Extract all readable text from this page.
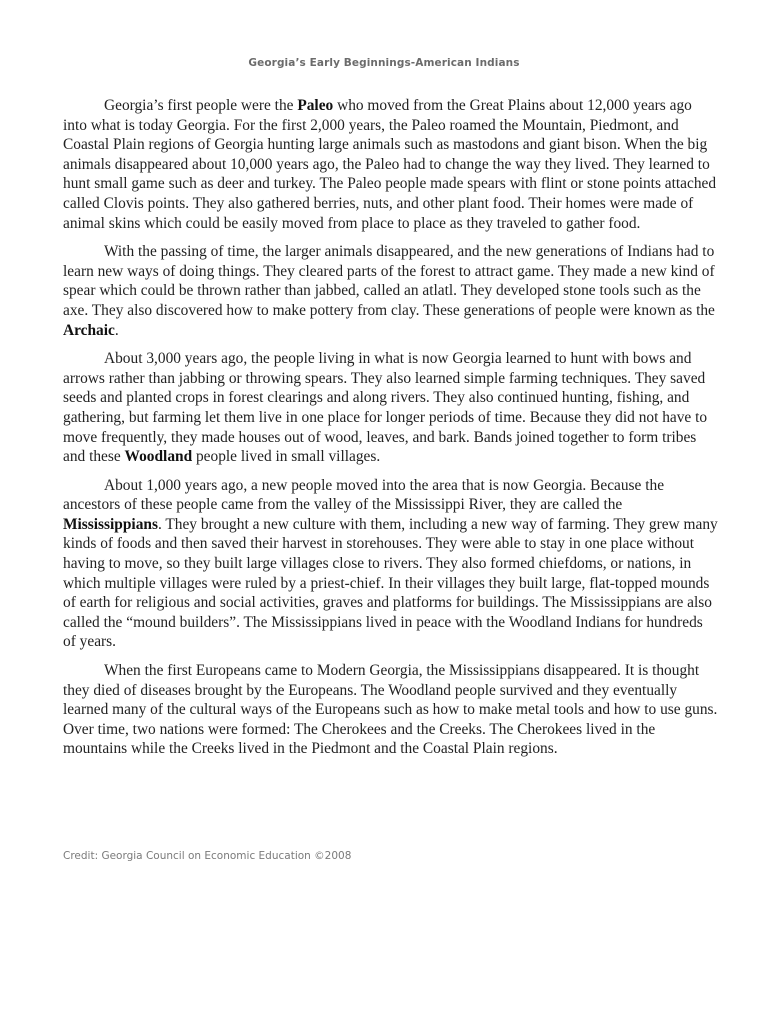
Georgia’s Early Beginnings-American Indians

Georgia’s first people were the Paleo who moved from the Great Plains about 12,000 years ago into what is today Georgia. For the first 2,000 years, the Paleo roamed the Mountain, Piedmont, and Coastal Plain regions of Georgia hunting large animals such as mastodons and giant bison. When the big animals disappeared about 10,000 years ago, the Paleo had to change the way they lived. They learned to hunt small game such as deer and turkey. The Paleo people made spears with flint or stone points attached called Clovis points. They also gathered berries, nuts, and other plant food. Their homes were made of animal skins which could be easily moved from place to place as they traveled to gather food.

With the passing of time, the larger animals disappeared, and the new generations of Indians had to learn new ways of doing things. They cleared parts of the forest to attract game. They made a new kind of spear which could be thrown rather than jabbed, called an atlatl. They developed stone tools such as the axe. They also discovered how to make pottery from clay. These generations of people were known as the Archaic.

About 3,000 years ago, the people living in what is now Georgia learned to hunt with bows and arrows rather than jabbing or throwing spears. They also learned simple farming techniques. They saved seeds and planted crops in forest clearings and along rivers. They also continued hunting, fishing, and gathering, but farming let them live in one place for longer periods of time. Because they did not have to move frequently, they made houses out of wood, leaves, and bark. Bands joined together to form tribes and these Woodland people lived in small villages.

About 1,000 years ago, a new people moved into the area that is now Georgia. Because the ancestors of these people came from the valley of the Mississippi River, they are called the Mississippians. They brought a new culture with them, including a new way of farming. They grew many kinds of foods and then saved their harvest in storehouses. They were able to stay in one place without having to move, so they built large villages close to rivers. They also formed chiefdoms, or nations, in which multiple villages were ruled by a priest-chief. In their villages they built large, flat-topped mounds of earth for religious and social activities, graves and platforms for buildings. The Mississippians are also called the “mound builders”. The Mississippians lived in peace with the Woodland Indians for hundreds of years.

When the first Europeans came to Modern Georgia, the Mississippians disappeared. It is thought they died of diseases brought by the Europeans. The Woodland people survived and they eventually learned many of the cultural ways of the Europeans such as how to make metal tools and how to use guns. Over time, two nations were formed: The Cherokees and the Creeks. The Cherokees lived in the mountains while the Creeks lived in the Piedmont and the Coastal Plain regions.

Credit: Georgia Council on Economic Education ©2008
